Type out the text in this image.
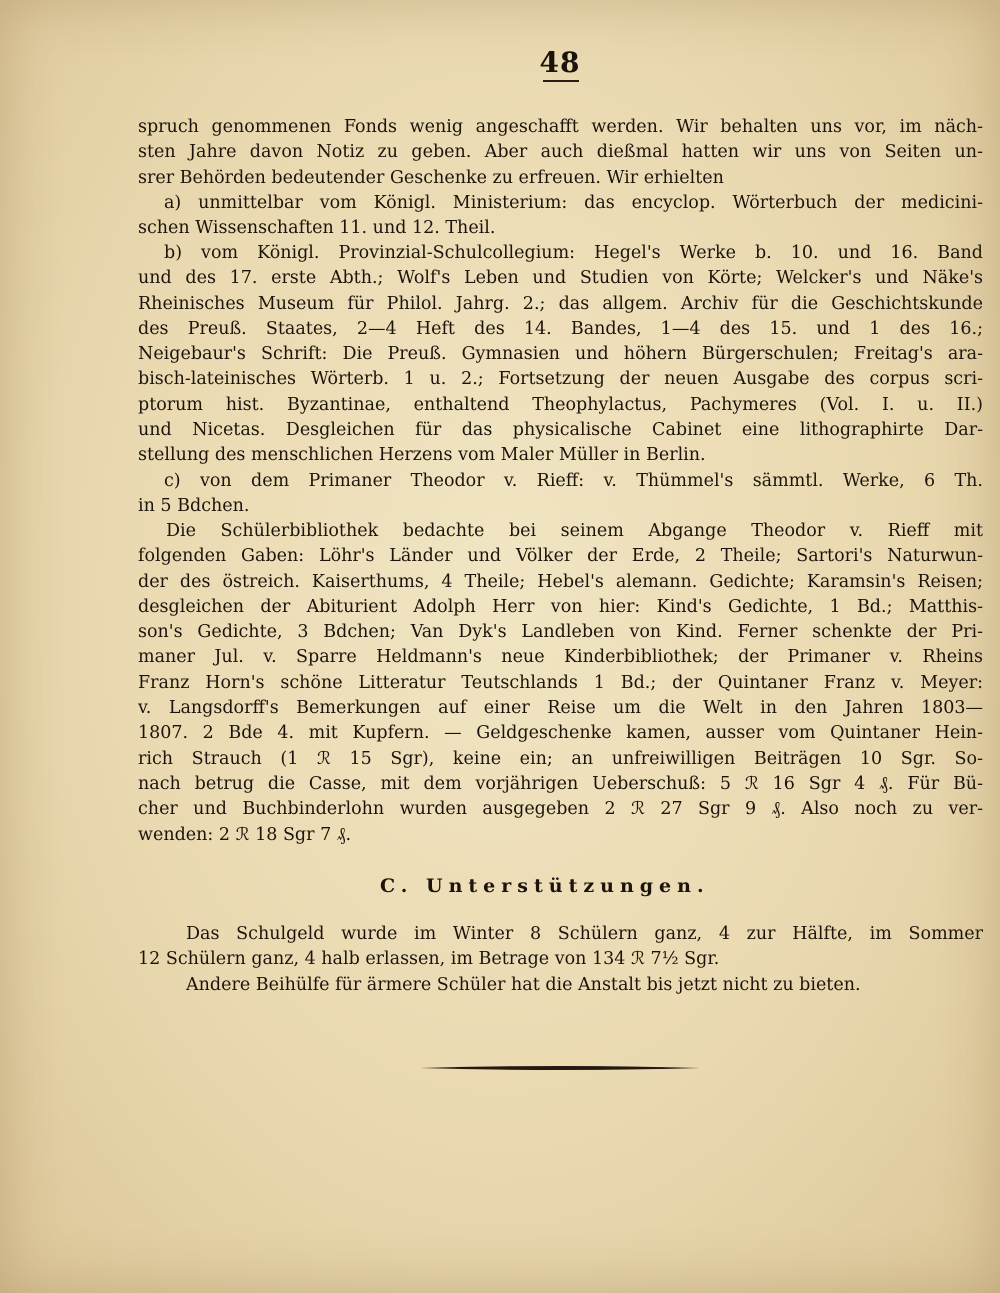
48
spruch genommenen Fonds wenig angeschafft werden. Wir behalten uns vor, im näch-
sten Jahre davon Notiz zu geben. Aber auch dießmal hatten wir uns von Seiten un-
srer Behörden bedeutender Geschenke zu erfreuen. Wir erhielten
a) unmittelbar vom Königl. Ministerium: das encyclop. Wörterbuch der medicini-
schen Wissenschaften 11. und 12. Theil.
b) vom Königl. Provinzial-Schulcollegium: Hegel's Werke b. 10. und 16. Band
und des 17. erste Abth.; Wolf's Leben und Studien von Körte; Welcker's und Näke's
Rheinisches Museum für Philol. Jahrg. 2.; das allgem. Archiv für die Geschichtskunde
des Preuß. Staates, 2—4 Heft des 14. Bandes, 1—4 des 15. und 1 des 16.;
Neigebaur's Schrift: Die Preuß. Gymnasien und höhern Bürgerschulen; Freitag's ara-
bisch-lateinisches Wörterb. 1 u. 2.; Fortsetzung der neuen Ausgabe des corpus scri-
ptorum hist. Byzantinae, enthaltend Theophylactus, Pachymeres (Vol. I. u. II.)
und Nicetas. Desgleichen für das physicalische Cabinet eine lithographirte Dar-
stellung des menschlichen Herzens vom Maler Müller in Berlin.
c) von dem Primaner Theodor v. Rieff: v. Thümmel's sämmtl. Werke, 6 Th.
in 5 Bdchen.
Die Schülerbibliothek bedachte bei seinem Abgange Theodor v. Rieff mit
folgenden Gaben: Löhr's Länder und Völker der Erde, 2 Theile; Sartori's Naturwun-
der des östreich. Kaiserthums, 4 Theile; Hebel's alemann. Gedichte; Karamsin's Reisen;
desgleichen der Abiturient Adolph Herr von hier: Kind's Gedichte, 1 Bd.; Matthis-
son's Gedichte, 3 Bdchen; Van Dyk's Landleben von Kind. Ferner schenkte der Pri-
maner Jul. v. Sparre Heldmann's neue Kinderbibliothek; der Primaner v. Rheins
Franz Horn's schöne Litteratur Teutschlands 1 Bd.; der Quintaner Franz v. Meyer:
v. Langsdorff's Bemerkungen auf einer Reise um die Welt in den Jahren 1803—
1807. 2 Bde 4. mit Kupfern. — Geldgeschenke kamen, ausser vom Quintaner Hein-
rich Strauch (1 ℛ 15 Sgr), keine ein; an unfreiwilligen Beiträgen 10 Sgr. So-
nach betrug die Casse, mit dem vorjährigen Ueberschuß: 5 ℛ 16 Sgr 4 ₰. Für Bü-
cher und Buchbinderlohn wurden ausgegeben 2 ℛ 27 Sgr 9 ₰. Also noch zu ver-
wenden: 2 ℛ 18 Sgr 7 ₰.
C. Unterstützungen.
Das Schulgeld wurde im Winter 8 Schülern ganz, 4 zur Hälfte, im Sommer
12 Schülern ganz, 4 halb erlassen, im Betrage von 134 ℛ 7½ Sgr.
Andere Beihülfe für ärmere Schüler hat die Anstalt bis jetzt nicht zu bieten.
